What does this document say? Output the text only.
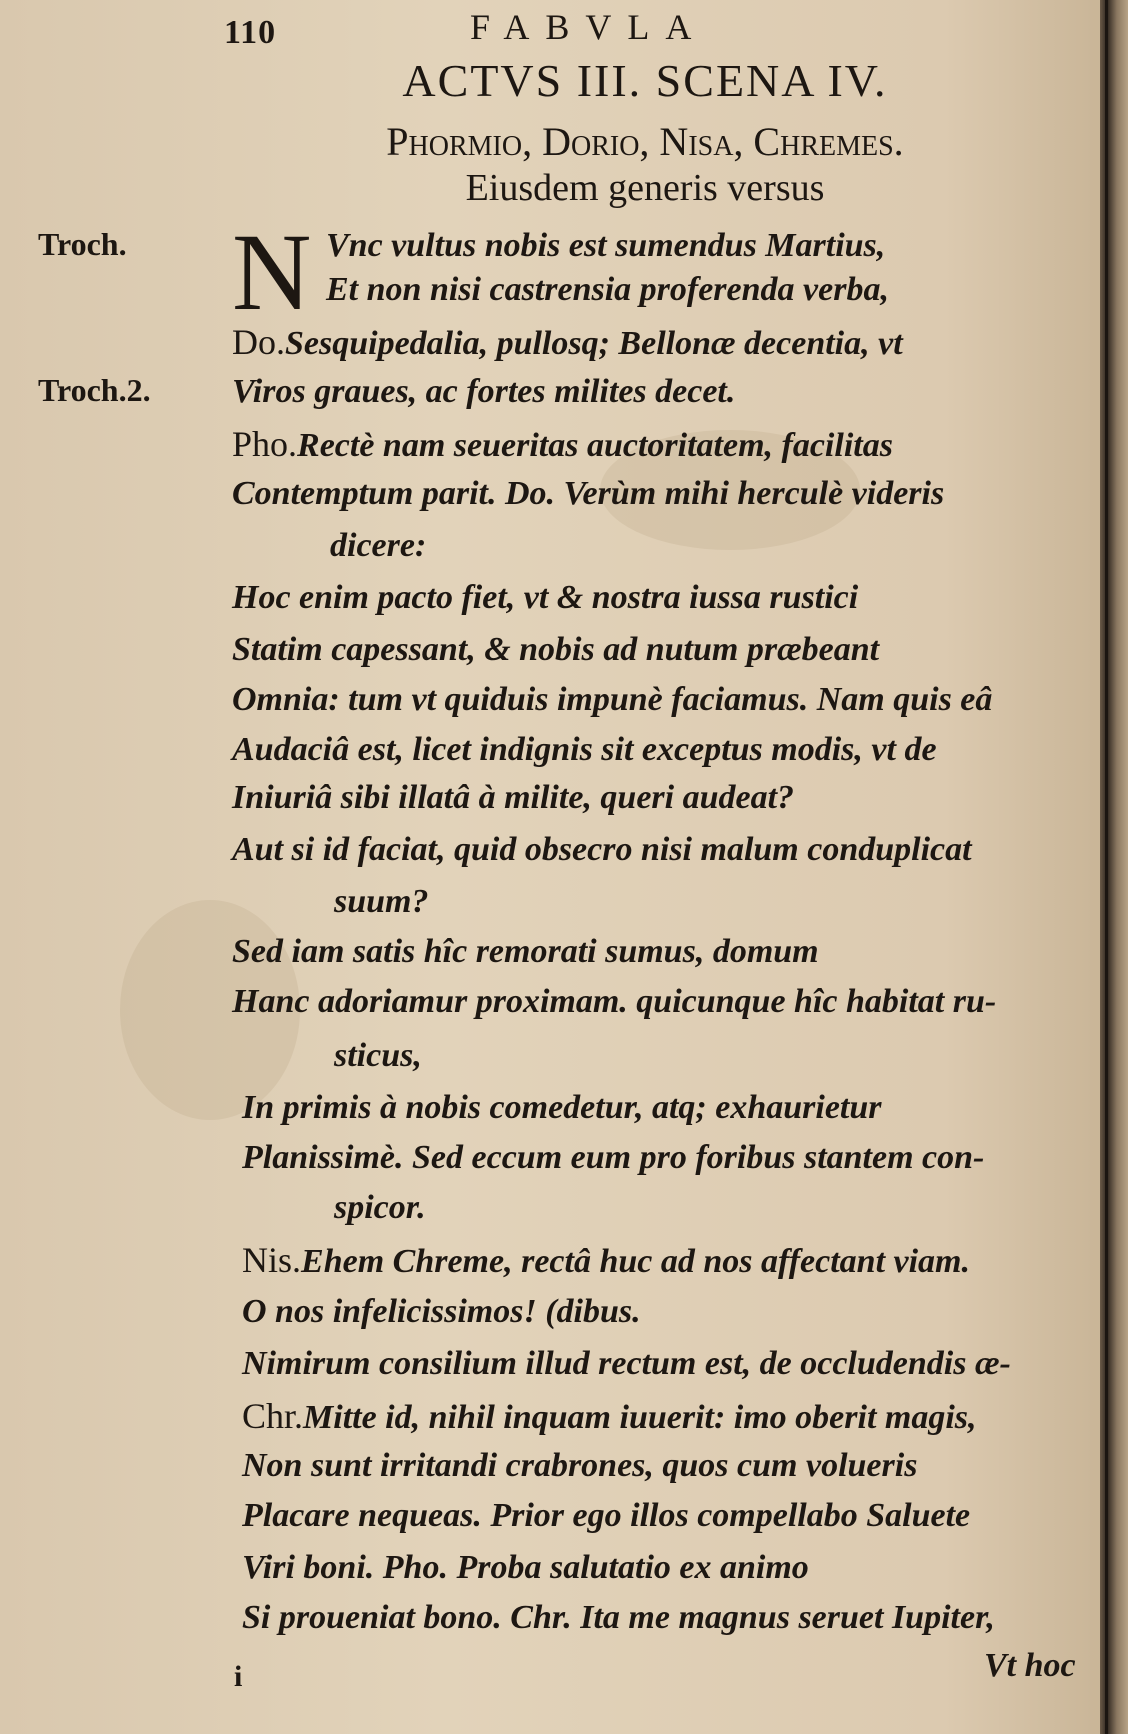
110	FABVLA
ACTVS III. SCENA IV.
Phormio, Dorio, Nisa, Chremes.
Eiusdem generis versus
Troch.
Troch.2.
N Vnc vultus nobis est sumendus Martius,
Et non nisi castrensia proferenda verba,
Do.Sesquipedalia, pullosq; Bellonæ decentia, vt
Viros graues, ac fortes milites decet.
Pho.Rectè nam seueritas auctoritatem, facilitas
Contemptum parit. Do. Verùm mihi herculè videris
dicere:
Hoc enim pacto fiet, vt & nostra iussa rustici
Statim capessant, & nobis ad nutum præbeant
Omnia: tum vt quiduis impunè faciamus. Nam quis eâ
Audaciâ est, licet indignis sit exceptus modis, vt de
Iniuriâ sibi illatâ à milite, queri audeat?
Aut si id faciat, quid obsecro nisi malum conduplicat
suum?
Sed iam satis hîc remorati sumus, domum
Hanc adoriamur proximam. quicunque hîc habitat ru-
sticus,
In primis à nobis comedetur, atq; exhaurietur
Planissimè. Sed eccum eum pro foribus stantem con-
spicor.
Nis.Ehem Chreme, rectâ huc ad nos affectant viam.
O nos infelicissimos! (dibus.
Nimirum consilium illud rectum est, de occludendis æ-
Chr.Mitte id, nihil inquam iuuerit: imo oberit magis,
Non sunt irritandi crabrones, quos cum volueris
Placare nequeas. Prior ego illos compellabo Saluete
Viri boni. Pho. Proba salutatio ex animo
Si proueniat bono. Chr. Ita me magnus seruet Iupiter,
Vt hoc
i
